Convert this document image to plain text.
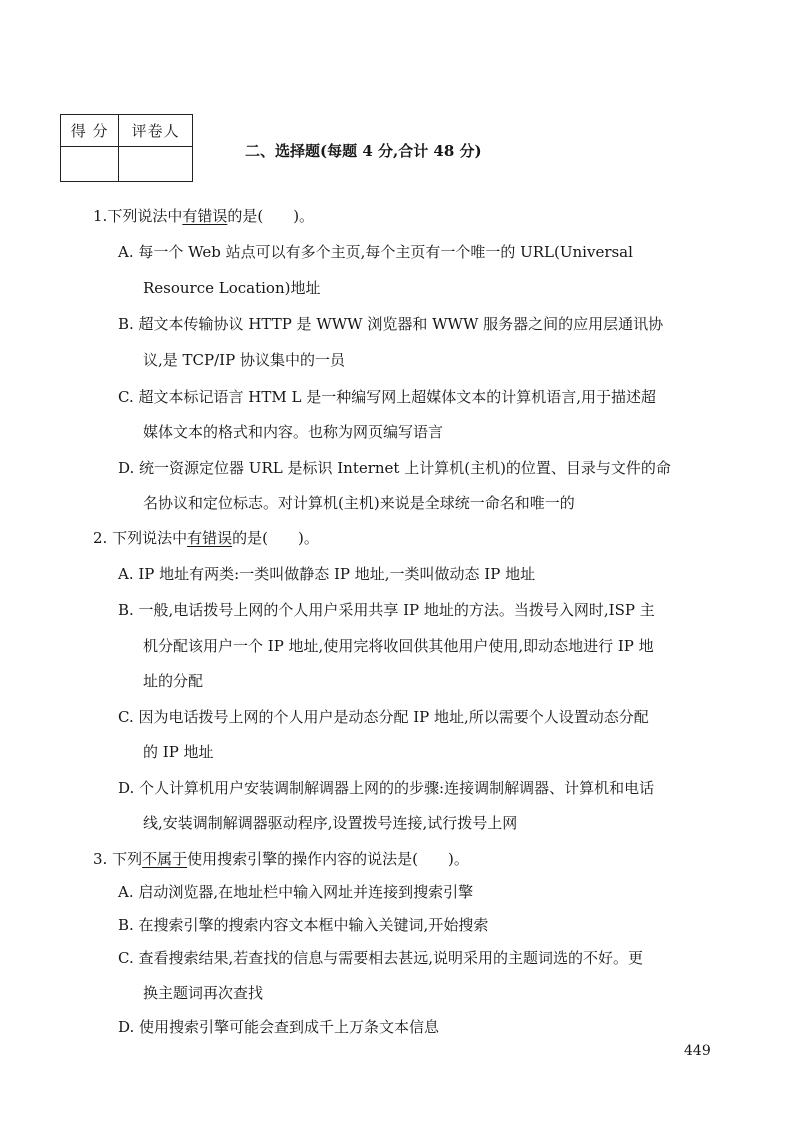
得 分	评卷人

二、选择题(每题 4 分,合计 48 分)
1.下列说法中有错误的是(　　)。
A. 每一个 Web 站点可以有多个主页,每个主页有一个唯一的 URL(Universal
Resource Location)地址
B. 超文本传输协议 HTTP 是 WWW 浏览器和 WWW 服务器之间的应用层通讯协
议,是 TCP/IP 协议集中的一员
C. 超文本标记语言 HTM L 是一种编写网上超媒体文本的计算机语言,用于描述超
媒体文本的格式和内容。也称为网页编写语言
D. 统一资源定位器 URL 是标识 Internet 上计算机(主机)的位置、目录与文件的命
名协议和定位标志。对计算机(主机)来说是全球统一命名和唯一的
2. 下列说法中有错误的是(　　)。
A. IP 地址有两类:一类叫做静态 IP 地址,一类叫做动态 IP 地址
B. 一般,电话拨号上网的个人用户采用共享 IP 地址的方法。当拨号入网时,ISP 主
机分配该用户一个 IP 地址,使用完将收回供其他用户使用,即动态地进行 IP 地
址的分配
C. 因为电话拨号上网的个人用户是动态分配 IP 地址,所以需要个人设置动态分配
的 IP 地址
D. 个人计算机用户安装调制解调器上网的的步骤:连接调制解调器、计算机和电话
线,安装调制解调器驱动程序,设置拨号连接,试行拨号上网
3. 下列不属于使用搜索引擎的操作内容的说法是(　　)。
A. 启动浏览器,在地址栏中输入网址并连接到搜索引擎
B. 在搜索引擎的搜索内容文本框中输入关键词,开始搜索
C. 查看搜索结果,若查找的信息与需要相去甚远,说明采用的主题词选的不好。更
换主题词再次查找
D. 使用搜索引擎可能会查到成千上万条文本信息
449
